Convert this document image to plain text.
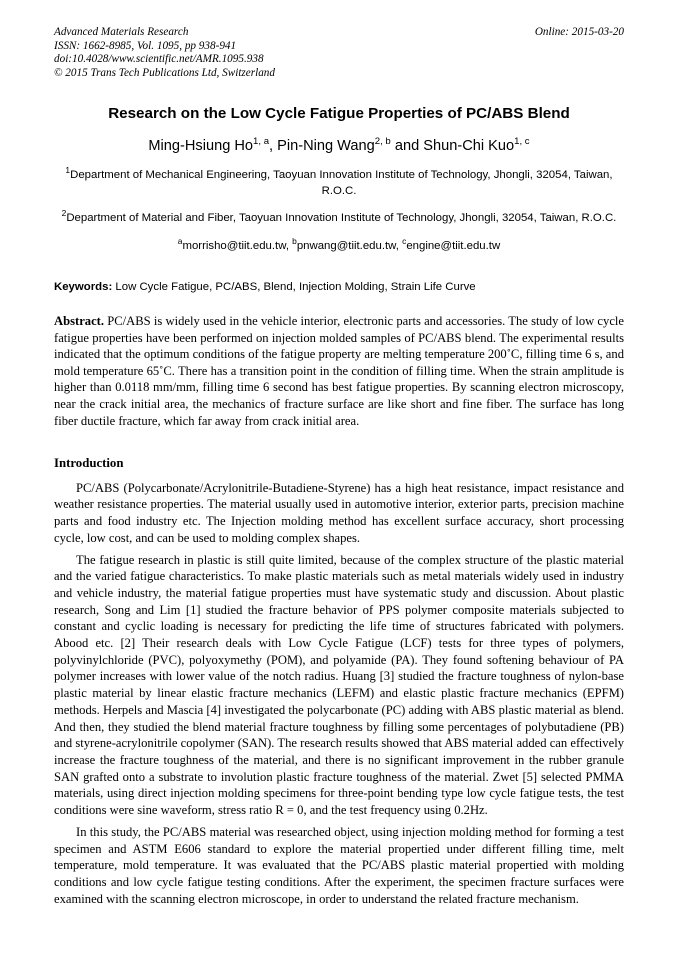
Online: 2015-03-20
Advanced Materials Research
ISSN: 1662-8985, Vol. 1095, pp 938-941
doi:10.4028/www.scientific.net/AMR.1095.938
© 2015 Trans Tech Publications Ltd, Switzerland
Research on the Low Cycle Fatigue Properties of PC/ABS Blend
Ming-Hsiung Ho$^{1, a}$, Pin-Ning Wang$^{2, b}$ and Shun-Chi Kuo$^{1, c}$
$^1$Department of Mechanical Engineering, Taoyuan Innovation Institute of Technology, Jhongli, 32054, Taiwan, R.O.C.
$^2$Department of Material and Fiber, Taoyuan Innovation Institute of Technology, Jhongli, 32054, Taiwan, R.O.C.
$^a$morrisho@tiit.edu.tw, $^b$pnwang@tiit.edu.tw, $^c$engine@tiit.edu.tw
Keywords: Low Cycle Fatigue, PC/ABS, Blend, Injection Molding, Strain Life Curve
Abstract. PC/ABS is widely used in the vehicle interior, electronic parts and accessories. The study of low cycle fatigue properties have been performed on injection molded samples of PC/ABS blend. The experimental results indicated that the optimum conditions of the fatigue property are melting temperature 200˚C, filling time 6 s, and mold temperature 65˚C. There has a transition point in the condition of filling time. When the strain amplitude is higher than 0.0118 mm/mm, filling time 6 second has best fatigue properties. By scanning electron microscopy, near the crack initial area, the mechanics of fracture surface are like short and fine fiber. The surface has long fiber ductile fracture, which far away from crack initial area.
Introduction

PC/ABS (Polycarbonate/Acrylonitrile-Butadiene-Styrene) has a high heat resistance, impact resistance and weather resistance properties. The material usually used in automotive interior, exterior parts, precision machine parts and food industry etc. The Injection molding method has excellent surface accuracy, short processing cycle, low cost, and can be used to molding complex shapes.

The fatigue research in plastic is still quite limited, because of the complex structure of the plastic material and the varied fatigue characteristics. To make plastic materials such as metal materials widely used in industry and vehicle industry, the material fatigue properties must have systematic study and discussion. About plastic research, Song and Lim [1] studied the fracture behavior of PPS polymer composite materials subjected to constant and cyclic loading is necessary for predicting the life time of structures fabricated with polymers. Abood etc. [2] Their research deals with Low Cycle Fatigue (LCF) tests for three types of polymers, polyvinylchloride (PVC), polyoxymethy (POM), and polyamide (PA). They found softening behaviour of PA polymer increases with lower value of the notch radius. Huang [3] studied the fracture toughness of nylon-base plastic material by linear elastic fracture mechanics (LEFM) and elastic plastic fracture mechanics (EPFM) methods. Herpels and Mascia [4] investigated the polycarbonate (PC) adding with ABS plastic material as blend. And then, they studied the blend material fracture toughness by filling some percentages of polybutadiene (PB) and styrene-acrylonitrile copolymer (SAN). The research results showed that ABS material added can effectively increase the fracture toughness of the material, and there is no significant improvement in the rubber granule SAN grafted onto a substrate to involution plastic fracture toughness of the material. Zwet [5] selected PMMA materials, using direct injection molding specimens for three-point bending type low cycle fatigue tests, the test conditions were sine waveform, stress ratio R = 0, and the test frequency using 0.2Hz.

In this study, the PC/ABS material was researched object, using injection molding method for forming a test specimen and ASTM E606 standard to explore the material propertied under different filling time, melt temperature, mold temperature. It was evaluated that the PC/ABS plastic material propertied with molding conditions and low cycle fatigue testing conditions. After the experiment, the specimen fracture surfaces were examined with the scanning electron microscope, in order to understand the related fracture mechanism.
